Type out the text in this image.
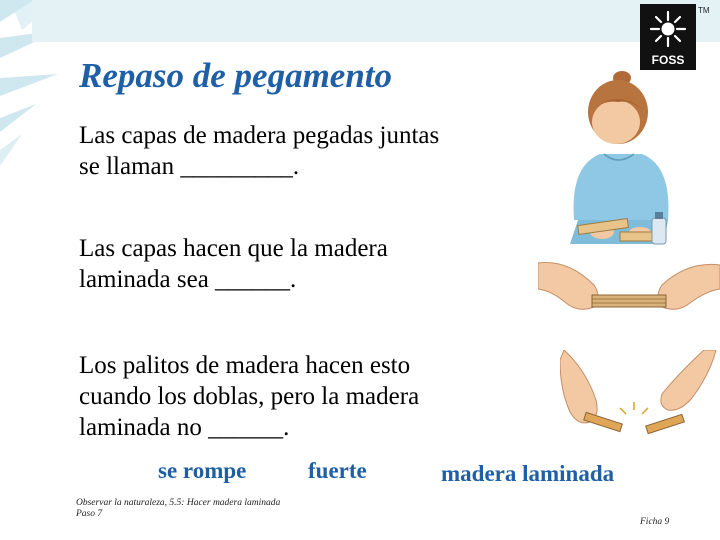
FOSS
TM
Repaso de pegamento

Las capas de madera pegadas juntas
se llaman _________.

Las capas hacen que la madera
laminada sea ______.

Los palitos de madera hacen esto
cuando los doblas, pero la madera
laminada no ______.

se rompe	fuerte	madera laminada
Observar la naturaleza, 5.5: Hacer madera laminada
Paso 7
Ficha 9
